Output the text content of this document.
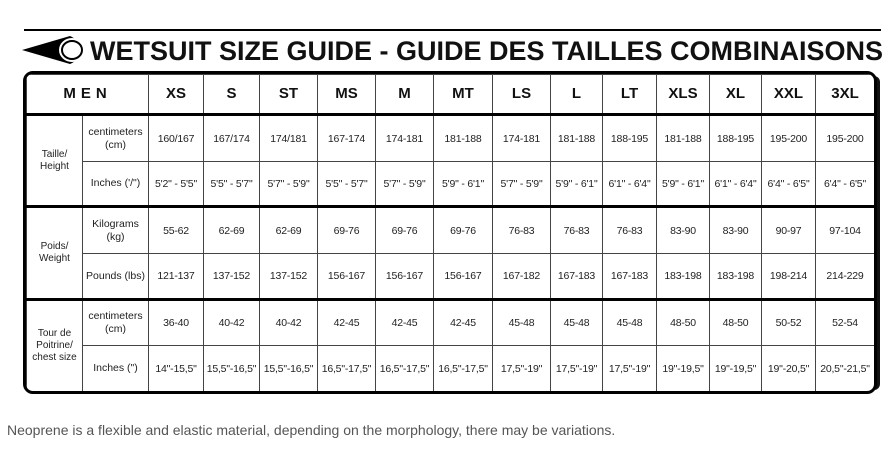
WETSUIT SIZE GUIDE - GUIDE DES TAILLES COMBINAISONS
MEN		XS	S	ST	MS	M	MT	LS	L	LT	XLS	XL	XXL	3XL
Taille/ Height	centimeters (cm)	160/167	167/174	174/181	167-174	174-181	181-188	174-181	181-188	188-195	181-188	188-195	195-200	195-200
	Inches ('/")	5'2" - 5'5"	5'5" - 5'7"	5'7" - 5'9"	5'5" - 5'7"	5'7" - 5'9"	5'9" - 6'1"	5'7" - 5'9"	5'9" - 6'1"	6'1" - 6'4"	5'9" - 6'1"	6'1" - 6'4"	6'4" - 6'5"	6'4" - 6'5"
Poids/ Weight	Kilograms (kg)	55-62	62-69	62-69	69-76	69-76	69-76	76-83	76-83	76-83	83-90	83-90	90-97	97-104
	Pounds (lbs)	121-137	137-152	137-152	156-167	156-167	156-167	167-182	167-183	167-183	183-198	183-198	198-214	214-229
Tour de Poitrine/ chest size	centimeters (cm)	36-40	40-42	40-42	42-45	42-45	42-45	45-48	45-48	45-48	48-50	48-50	50-52	52-54
	Inches (")	14"-15,5"	15,5"-16,5"	15,5"-16,5"	16,5"-17,5"	16,5"-17,5"	16,5"-17,5"	17,5"-19"	17,5"-19"	17,5"-19"	19"-19,5"	19"-19,5"	19"-20,5"	20,5"-21,5"
Neoprene is a flexible and elastic material, depending on the morphology, there may be variations.
